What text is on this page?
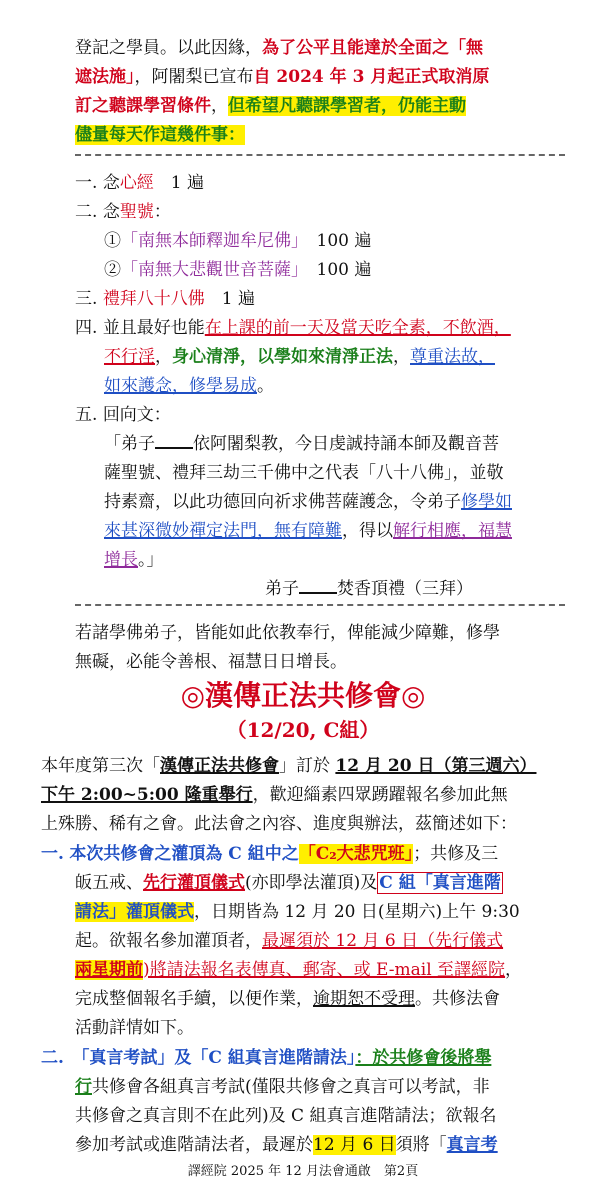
登記之學員。以此因緣，為了公平且能達於全面之「無
遮法施」，阿闍梨已宣布自 2024 年 3 月起正式取消原
訂之聽課學習條件，但希望凡聽課學習者，仍能主動
儘量每天作這幾件事：
一. 念心經　1 遍
二. 念聖號：
①「南無本師釋迦牟尼佛」　 100 遍
②「南無大悲觀世音菩薩」　 100 遍
三. 禮拜八十八佛　1 遍
四. 並且最好也能在上課的前一天及當天吃全素，不飲酒，
不行淫，身心清淨，以學如來清淨正法，尊重法故，
如來護念，修學易成。
五. 回向文：
「弟子 依阿闍梨教，今日虔誠持誦本師及觀音菩
薩聖號、禮拜三劫三千佛中之代表「八十八佛」，並敬
持素齋，以此功德回向祈求佛菩薩護念，令弟子修學如
來甚深微妙禪定法門，無有障難，得以解行相應，福慧
增長。」
弟子 焚香頂禮（三拜）
若諸學佛弟子，皆能如此依教奉行，俾能減少障難，修學
無礙，必能令善根、福慧日日增長。
◎漢傳正法共修會◎
（12/20, C組）
本年度第三次「漢傳正法共修會」訂於 12 月 20 日（第三週六）
下午 2:00~5:00 隆重舉行，歡迎緇素四眾踴躍報名參加此無
上殊勝、稀有之會。此法會之內容、進度與辦法，茲簡述如下：
一. 本次共修會之灌頂為 C 組中之「C₂大悲咒班」；共修及三
皈五戒、先行灌頂儀式(亦即學法灌頂)及 C 組「真言進階
請法」灌頂儀式，日期皆為 12 月 20 日(星期六)上午 9:30
起。欲報名參加灌頂者，最遲須於 12 月 6 日（先行儀式
兩星期前)將請法報名表傳真、郵寄、或 E-mail 至譯經院，
完成整個報名手續，以便作業，逾期恕不受理。共修法會
活動詳情如下。
二.　 「真言考試」及「C 組真言進階請法」：於共修會後將舉
行共修會各組真言考試(僅限共修會之真言可以考試，非
共修會之真言則不在此列)及 C 組真言進階請法；欲報名
參加考試或進階請法者，最遲於12 月 6 日須將「真言考
譯經院 2025 年 12 月法會通啟　第2頁
